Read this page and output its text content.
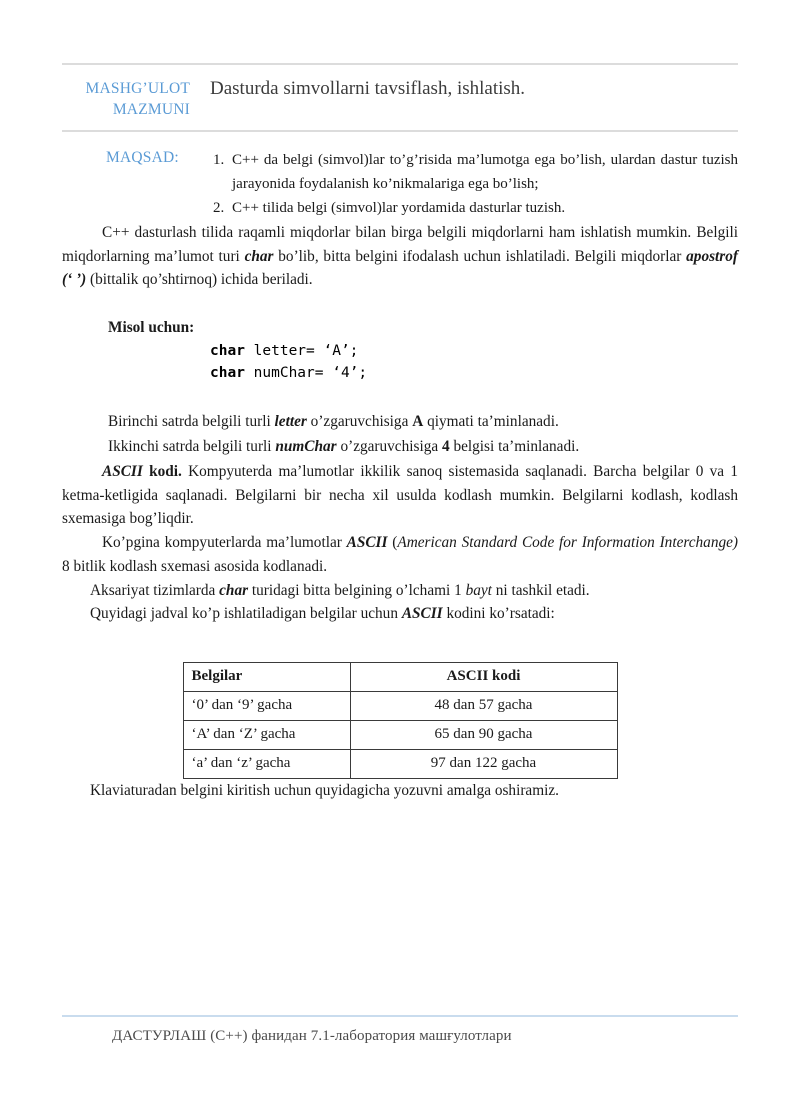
MASHG’ULOT
MAZMUNI
Dasturda simvollarni tavsiflash, ishlatish.
MAQSAD:	1. C++ da belgi (simvol)lar to’g’risida ma’lumotga ega bo’lish, ulardan dastur tuzish jarayonida foydalanish ko’nikmalariga ega bo’lish;
2. C++ tilida belgi (simvol)lar yordamida dasturlar tuzish.

C++ dasturlash tilida raqamli miqdorlar bilan birga belgili miqdorlarni ham ishlatish mumkin. Belgili miqdorlarning ma’lumot turi char bo’lib, bitta belgini ifodalash uchun ishlatiladi. Belgili miqdorlar apostrof (‘ ’) (bittalik qo’shtirnoq) ichida beriladi.

Misol uchun:
char letter= ‘A’;
char numChar= ‘4’;
Birinchi satrda belgili turli letter o’zgaruvchisiga A qiymati ta’minlanadi.
Ikkinchi satrda belgili turli numChar o’zgaruvchisiga 4 belgisi ta’minlanadi.

ASCII kodi. Kompyuterda ma’lumotlar ikkilik sanoq sistemasida saqlanadi. Barcha belgilar 0 va 1 ketma-ketligida saqlanadi. Belgilarni bir necha xil usulda kodlash mumkin. Belgilarni kodlash, kodlash sxemasiga bog’liqdir.

Ko’pgina kompyuterlarda ma’lumotlar ASCII (American Standard Code for Information Interchange) 8 bitlik kodlash sxemasi asosida kodlanadi.

Aksariyat tizimlarda char turidagi bitta belgining o’lchami 1 bayt ni tashkil etadi.

Quyidagi jadval ko’p ishlatiladigan belgilar uchun ASCII kodini ko’rsatadi:

Belgilar	ASCII kodi
‘0’ dan ‘9’ gacha	48 dan 57 gacha
‘A’ dan ‘Z’ gacha	65 dan 90 gacha
‘a’ dan ‘z’ gacha	97 dan 122 gacha

Klaviaturadan belgini kiritish uchun quyidagicha yozuvni amalga oshiramiz.

ДАСТУРЛАШ (С++) фанидан 7.1-лаборатория машғулотлари
